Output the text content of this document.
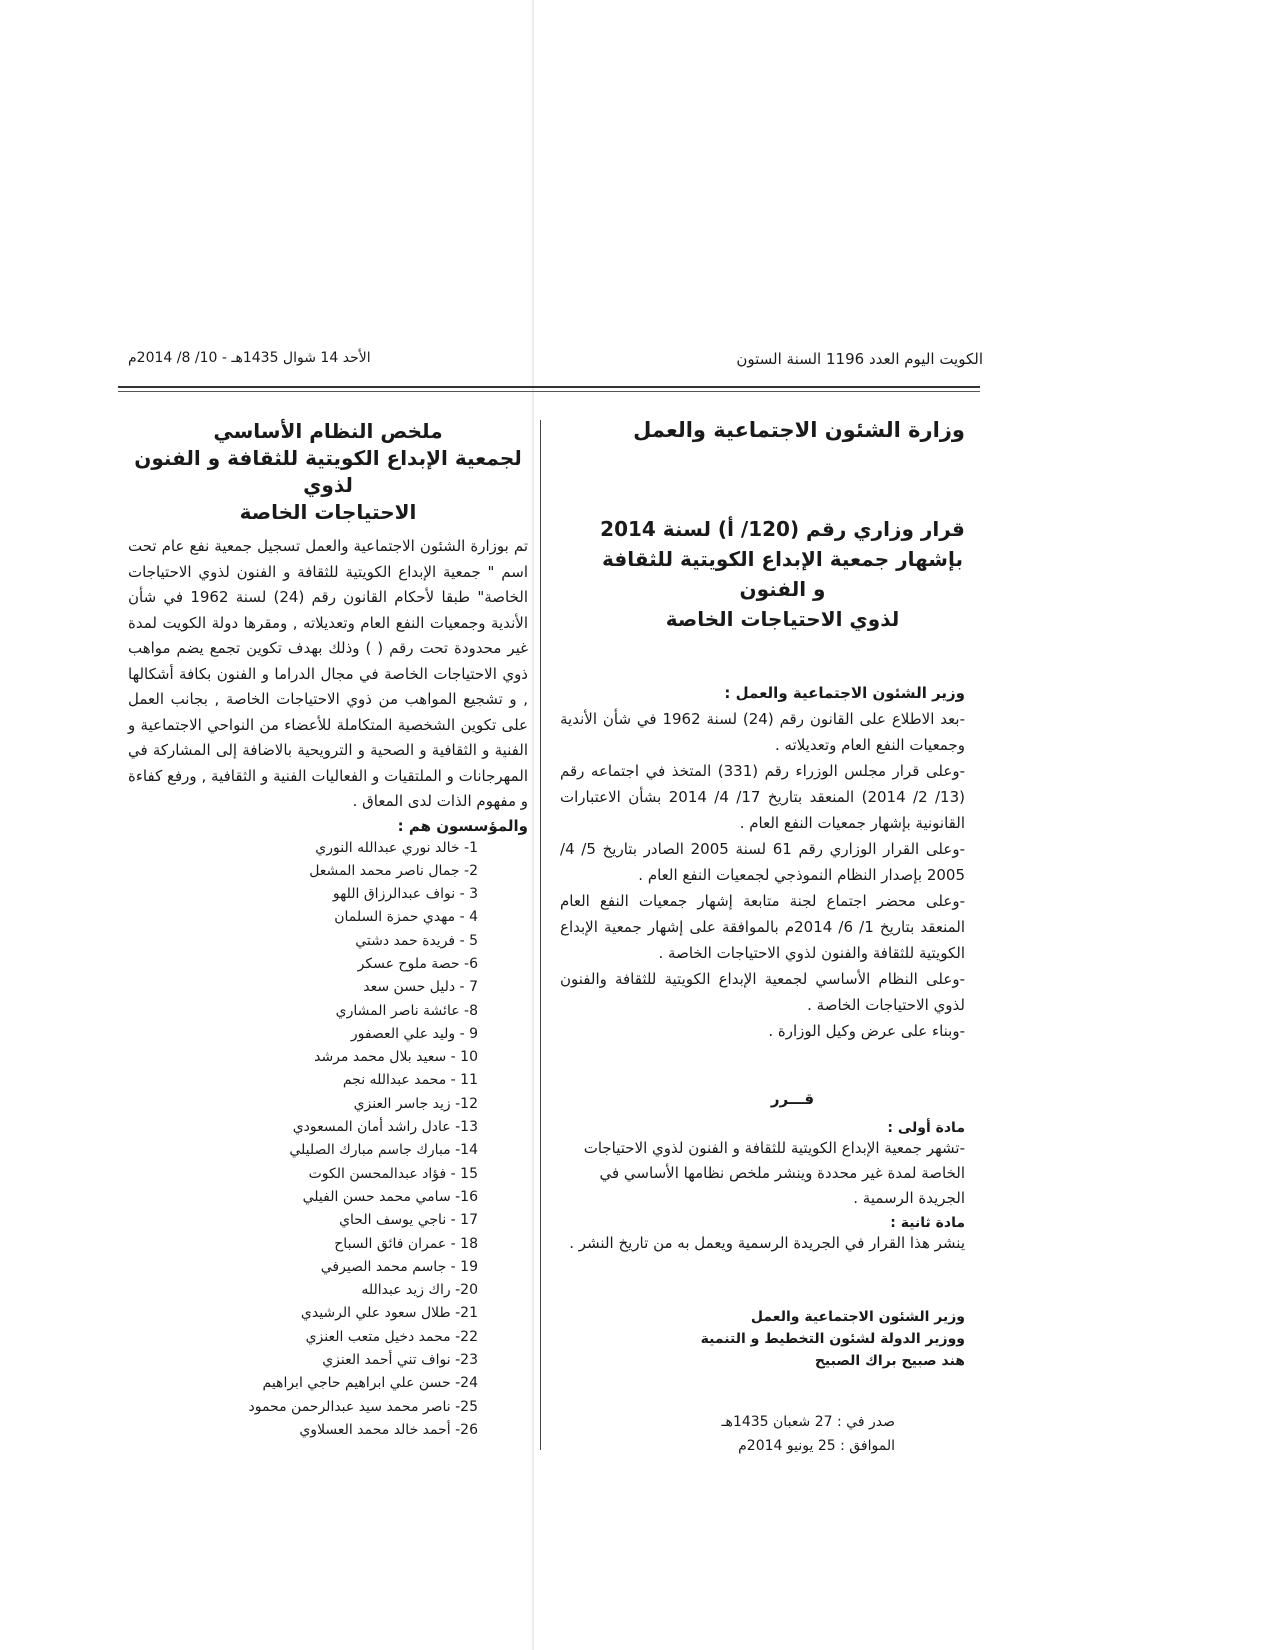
الكويت اليوم العدد 1196 السنة الستون
الأحد 14 شوال 1435هـ - 10/ 8/ 2014م
وزارة الشئون الاجتماعية والعمل
قرار وزاري رقم (120/ أ) لسنة 2014
بإشهار جمعية الإبداع الكويتية للثقافة و الفنون
لذوي الاحتياجات الخاصة
وزير الشئون الاجتماعية والعمل :

-بعد الاطلاع على القانون رقم (24) لسنة 1962 في شأن الأندية وجمعيات النفع العام وتعديلاته .

-وعلى قرار مجلس الوزراء رقم (331) المتخذ في اجتماعه رقم (13/ 2/ 2014) المنعقد بتاريخ 17/ 4/ 2014 بشأن الاعتبارات القانونية بإشهار جمعيات النفع العام .

-وعلى القرار الوزاري رقم 61 لسنة 2005 الصادر بتاريخ 5/ 4/ 2005 بإصدار النظام النموذجي لجمعيات النفع العام .

-وعلى محضر اجتماع لجنة متابعة إشهار جمعيات النفع العام المنعقد بتاريخ 1/ 6/ 2014م بالموافقة على إشهار جمعية الإبداع الكويتية للثقافة والفنون لذوي الاحتياجات الخاصة .

-وعلى النظام الأساسي لجمعية الإبداع الكويتية للثقافة والفنون لذوي الاحتياجات الخاصة .

-وبناء على عرض وكيل الوزارة .

قـــرر
مادة أولى :

-تشهر جمعية الإبداع الكويتية للثقافة و الفنون لذوي الاحتياجات الخاصة لمدة غير محددة وينشر ملخص نظامها الأساسي في الجريدة الرسمية .

مادة ثانية :

ينشر هذا القرار في الجريدة الرسمية ويعمل به من تاريخ النشر .

وزير الشئون الاجتماعية والعمل
ووزير الدولة لشئون التخطيط و التنمية
هند صبيح براك الصبيح
صدر في : 27 شعبان 1435هـ
الموافق : 25 يونيو 2014م
ملخص النظام الأساسي
لجمعية الإبداع الكويتية للثقافة و الفنون لذوي
الاحتياجات الخاصة

تم بوزارة الشئون الاجتماعية والعمل تسجيل جمعية نفع عام تحت اسم " جمعية الإبداع الكويتية للثقافة و الفنون لذوي الاحتياجات الخاصة" طبقا لأحكام القانون رقم (24) لسنة 1962 في شأن الأندية وجمعيات النفع العام وتعديلاته , ومقرها دولة الكويت لمدة غير محدودة تحت رقم ( ) وذلك بهدف تكوين تجمع يضم مواهب ذوي الاحتياجات الخاصة في مجال الدراما و الفنون بكافة أشكالها , و تشجيع المواهب من ذوي الاحتياجات الخاصة , بجانب العمل على تكوين الشخصية المتكاملة للأعضاء من النواحي الاجتماعية و الفنية و الثقافية و الصحية و الترويحية بالاضافة إلى المشاركة في المهرجانات و الملتقيات و الفعاليات الفنية و الثقافية , ورفع كفاءة و مفهوم الذات لدى المعاق .

والمؤسسون هم :
1- خالد نوري عبدالله النوري
2- جمال ناصر محمد المشعل
3 - نواف عبدالرزاق اللهو
4 - مهدي حمزة السلمان
5 - فريدة حمد دشتي
6- حصة ملوح عسكر
7 - دليل حسن سعد
8- عائشة ناصر المشاري
9 - وليد علي العصفور
10 - سعيد بلال محمد مرشد
11 - محمد عبدالله نجم
12- زيد جاسر العنزي
13- عادل راشد أمان المسعودي
14- مبارك جاسم مبارك الصليلي
15 - فؤاد عبدالمحسن الكوت
16- سامي محمد حسن الفيلي
17 - ناجي يوسف الحاي
18 - عمران فائق السباح
19 - جاسم محمد الصيرفي
20- راك زيد عبدالله
21- طلال سعود علي الرشيدي
22- محمد دخيل متعب العنزي
23- نواف تني أحمد العنزي
24- حسن علي ابراهيم حاجي ابراهيم
25- ناصر محمد سيد عبدالرحمن محمود
26- أحمد خالد محمد العسلاوي
